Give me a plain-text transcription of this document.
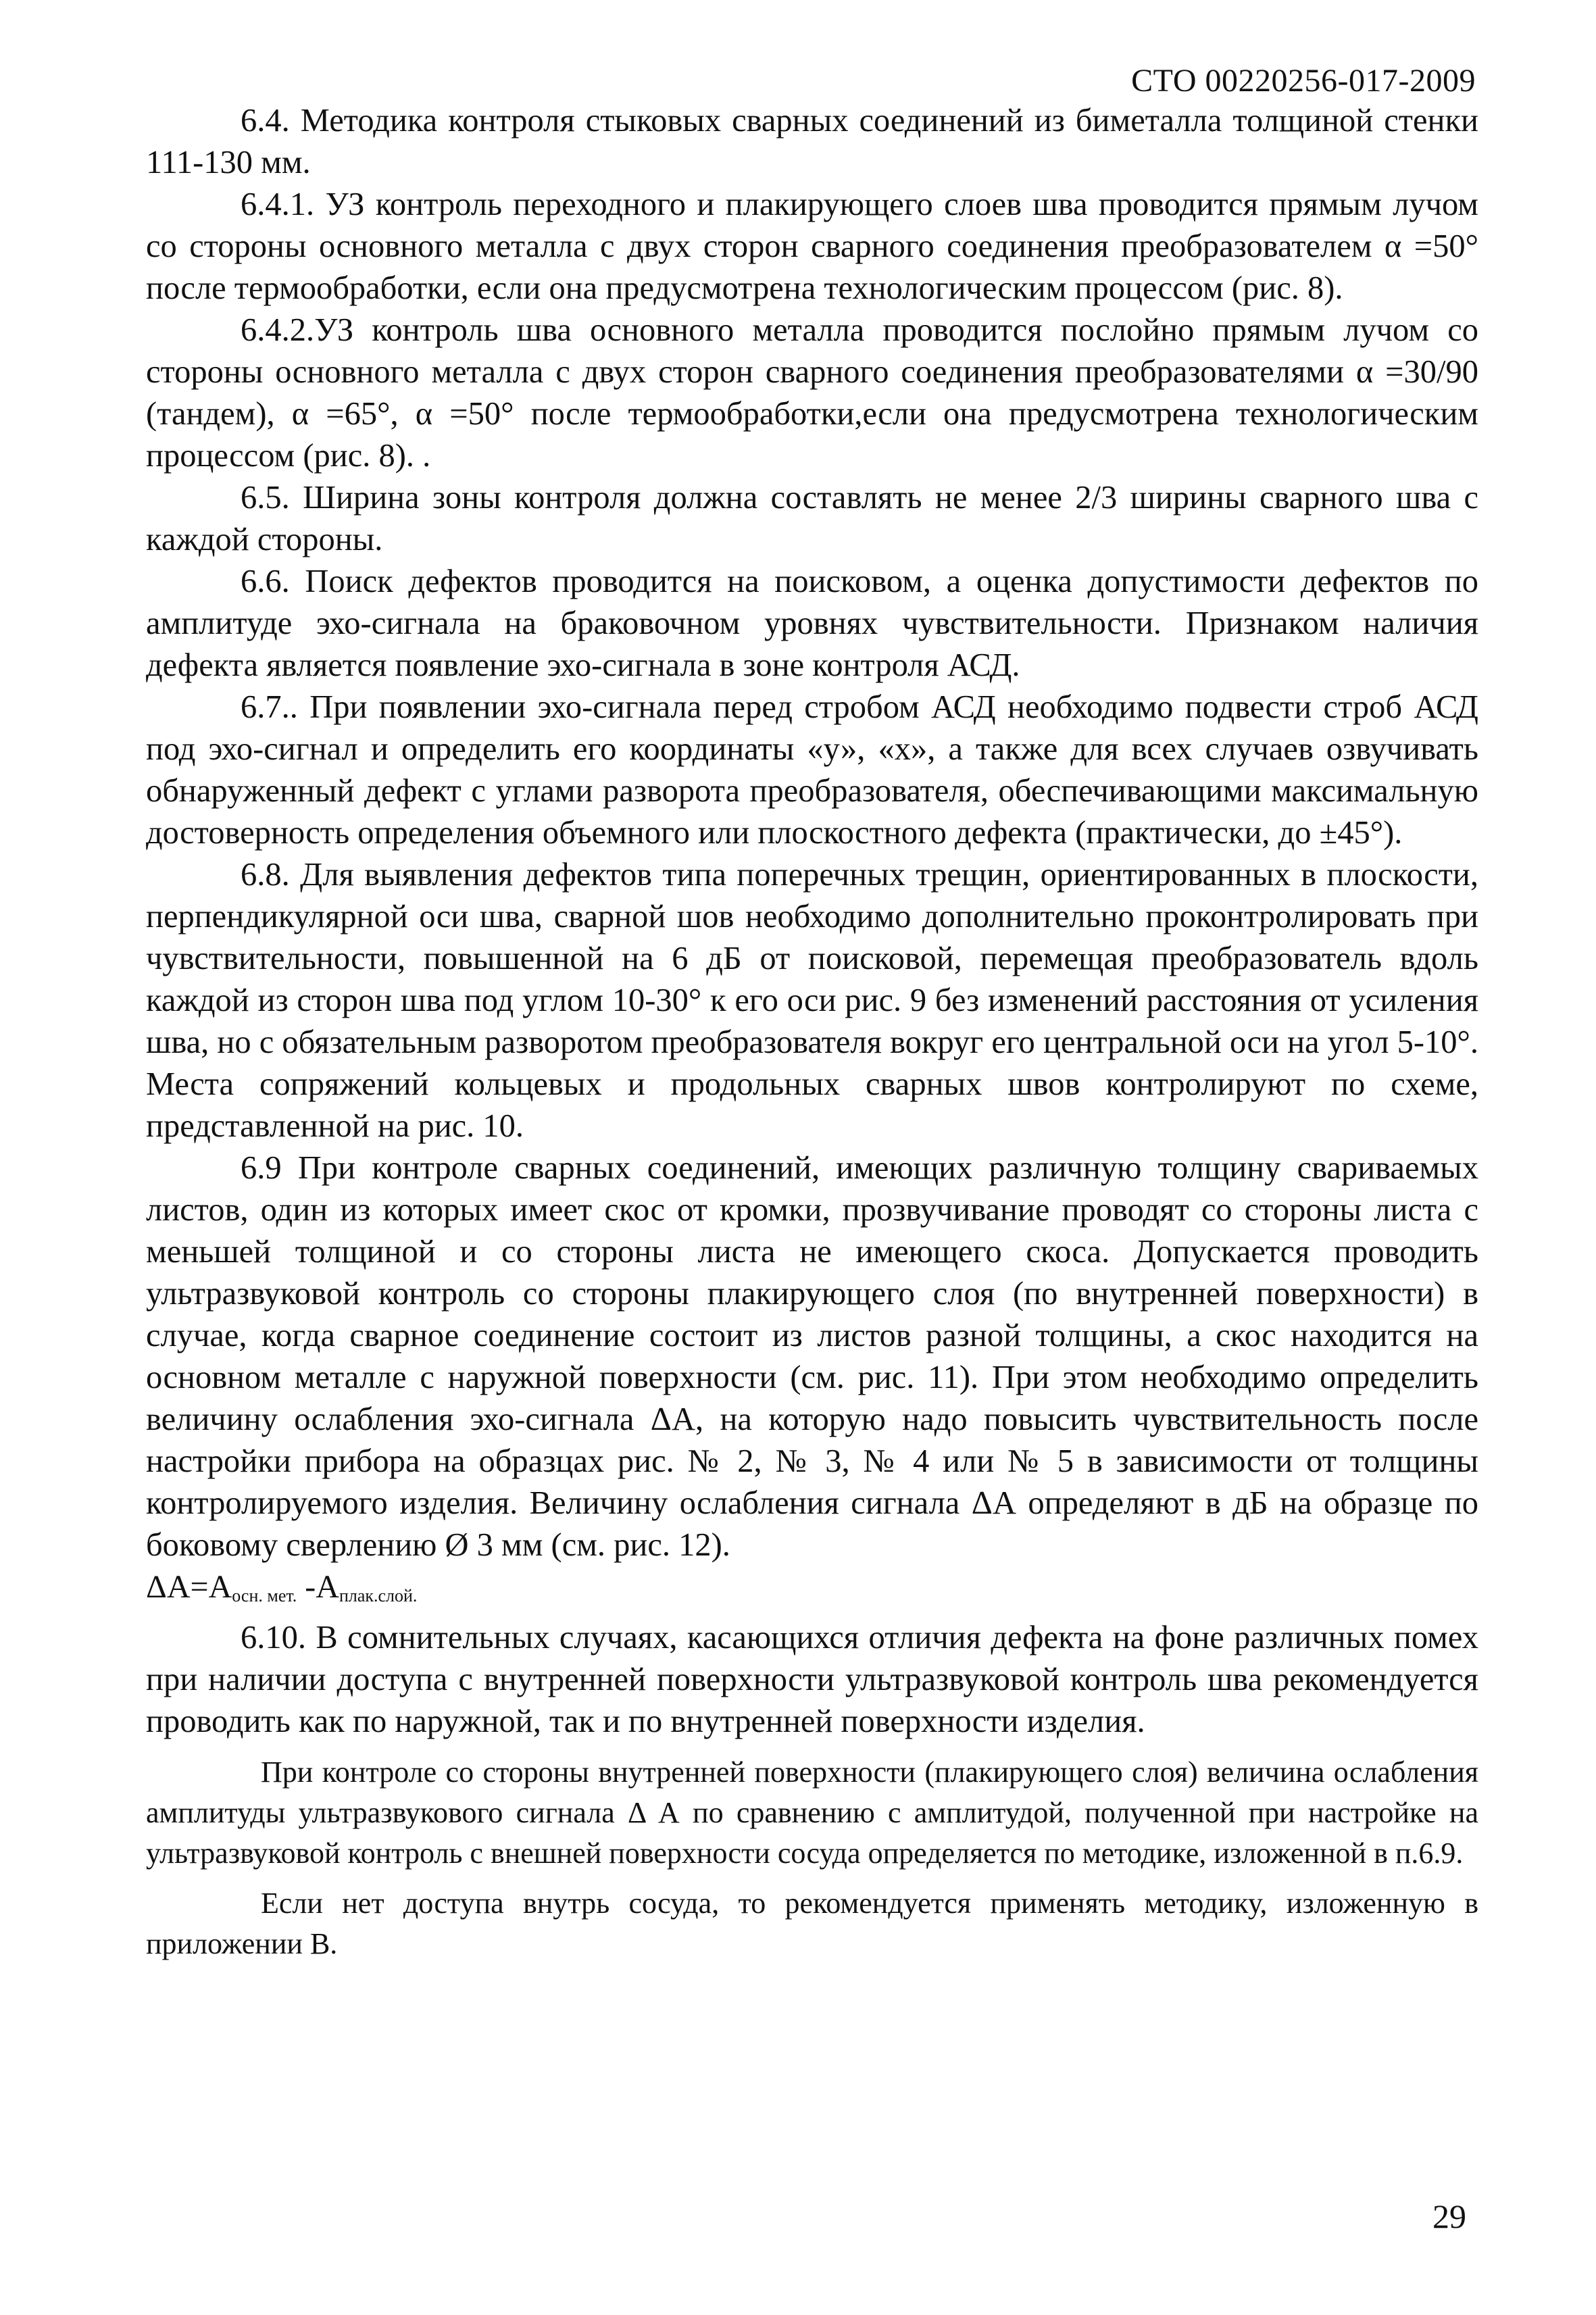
СТО 00220256-017-2009

6.4. Методика контроля стыковых сварных соединений из биметалла толщиной стенки 111-130 мм.

6.4.1. УЗ контроль переходного и плакирующего слоев шва проводится прямым лучом со стороны основного металла с двух сторон сварного соединения преобразователем α =50° после термообработки, если она предусмотрена технологическим процессом (рис. 8).

6.4.2.УЗ контроль шва основного металла проводится послойно прямым лучом со стороны основного металла с двух сторон сварного соединения преобразователями α =30/90 (тандем), α =65°, α =50° после термообработки,если она предусмотрена технологическим процессом (рис. 8). .

6.5. Ширина зоны контроля должна составлять не менее 2/3 ширины сварного шва с каждой стороны.

6.6. Поиск дефектов проводится на поисковом, а оценка допустимости дефектов по амплитуде эхо-сигнала на браковочном уровнях чувствительности. Признаком наличия дефекта является появление эхо-сигнала в зоне контроля АСД.

6.7.. При появлении эхо-сигнала перед стробом АСД необходимо подвести строб АСД под эхо-сигнал и определить его координаты «у», «х», а также для всех случаев озвучивать обнаруженный дефект с углами разворота преобразователя, обеспечивающими максимальную достоверность определения объемного или плоскостного дефекта (практически, до ±45°).

6.8. Для выявления дефектов типа поперечных трещин, ориентированных в плоскости, перпендикулярной оси шва, сварной шов необходимо дополнительно проконтролировать при чувствительности, повышенной на 6 дБ от поисковой, перемещая преобразователь вдоль каждой из сторон шва под углом 10-30° к его оси рис. 9 без изменений расстояния от усиления шва, но с обязательным разворотом преобразователя вокруг его центральной оси на угол 5-10°. Места сопряжений кольцевых и продольных сварных швов контролируют по схеме, представленной на рис. 10.

6.9 При контроле сварных соединений, имеющих различную толщину свариваемых листов, один из которых имеет скос от кромки, прозвучивание проводят со стороны листа с меньшей толщиной и со стороны листа не имеющего скоса. Допускается проводить ультразвуковой контроль со стороны плакирующего слоя (по внутренней поверхности) в случае, когда сварное соединение состоит из листов разной толщины, а скос находится на основном металле с наружной поверхности (см. рис. 11). При этом необходимо определить величину ослабления эхо-сигнала ΔА, на которую надо повысить чувствительность после настройки прибора на образцах рис. № 2, № 3, № 4 или № 5 в зависимости от толщины контролируемого изделия. Величину ослабления сигнала ΔА определяют в дБ на образце по боковому сверлению Ø 3 мм (см. рис. 12).

$\Delta А=А_{осн. мет.}$ $-А_{плак.слой.}$

6.10. В сомнительных случаях, касающихся отличия дефекта на фоне различных помех при наличии доступа с внутренней поверхности ультразвуковой контроль шва рекомендуется проводить как по наружной, так и по внутренней поверхности изделия.

При контроле со стороны внутренней поверхности (плакирующего слоя) величина ослабления амплитуды ультразвукового сигнала Δ А по сравнению с амплитудой, полученной при настройке на ультразвуковой контроль с внешней поверхности сосуда определяется по методике, изложенной в п.6.9.

Если нет доступа внутрь сосуда, то рекомендуется применять методику, изложенную в приложении В.

29
